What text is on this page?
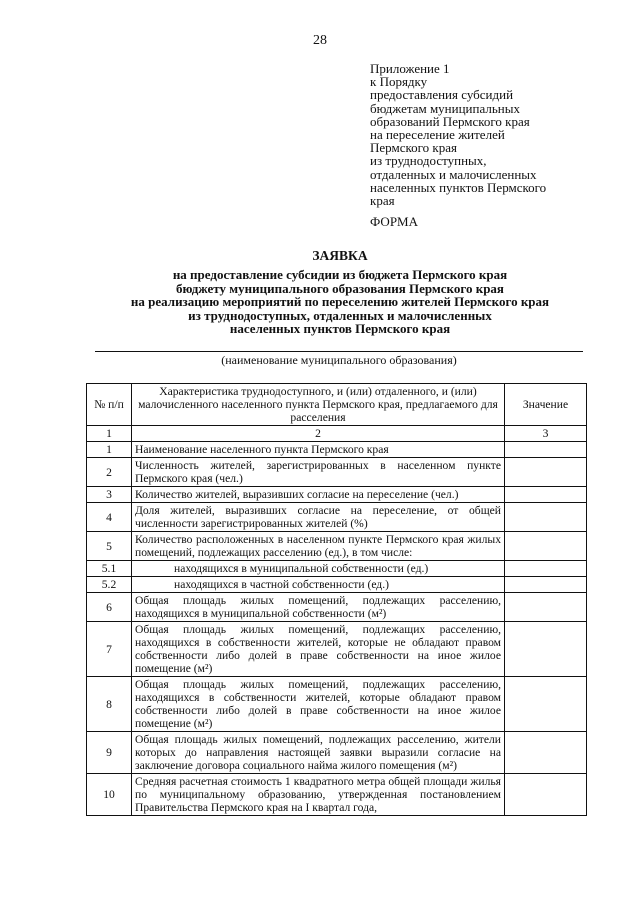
28
Приложение 1
к Порядку
предоставления субсидий
бюджетам муниципальных
образований Пермского края
на переселение жителей
Пермского края
из труднодоступных,
отдаленных и малочисленных
населенных пунктов Пермского
края
ФОРМА
ЗАЯВКА
на предоставление субсидии из бюджета Пермского края
бюджету муниципального образования Пермского края
на реализацию мероприятий по переселению жителей Пермского края
из труднодоступных, отдаленных и малочисленных
населенных пунктов Пермского края
(наименование муниципального образования)
№ п/п	Характеристика труднодоступного, и (или) отдаленного, и (или) малочисленного населенного пункта Пермского края, предлагаемого для расселения	Значение
1	2	3
1	Наименование населенного пункта Пермского края	
2	Численность жителей, зарегистрированных в населенном пункте Пермского края (чел.)	
3	Количество жителей, выразивших согласие на переселение (чел.)	
4	Доля жителей, выразивших согласие на переселение, от общей численности зарегистрированных жителей (%)	
5	Количество расположенных в населенном пункте Пермского края жилых помещений, подлежащих расселению (ед.), в том числе:	
5.1	находящихся в муниципальной собственности (ед.)	
5.2	находящихся в частной собственности (ед.)	
6	Общая площадь жилых помещений, подлежащих расселению, находящихся в муниципальной собственности (м²)	
7	Общая площадь жилых помещений, подлежащих расселению, находящихся в собственности жителей, которые не обладают правом собственности либо долей в праве собственности на иное жилое помещение (м²)	
8	Общая площадь жилых помещений, подлежащих расселению, находящихся в собственности жителей, которые обладают правом собственности либо долей в праве собственности на иное жилое помещение (м²)	
9	Общая площадь жилых помещений, подлежащих расселению, жители которых до направления настоящей заявки выразили согласие на заключение договора социального найма жилого помещения (м²)	
10	Средняя расчетная стоимость 1 квадратного метра общей площади жилья по муниципальному образованию, утвержденная постановлением Правительства Пермского края на I квартал года,	
